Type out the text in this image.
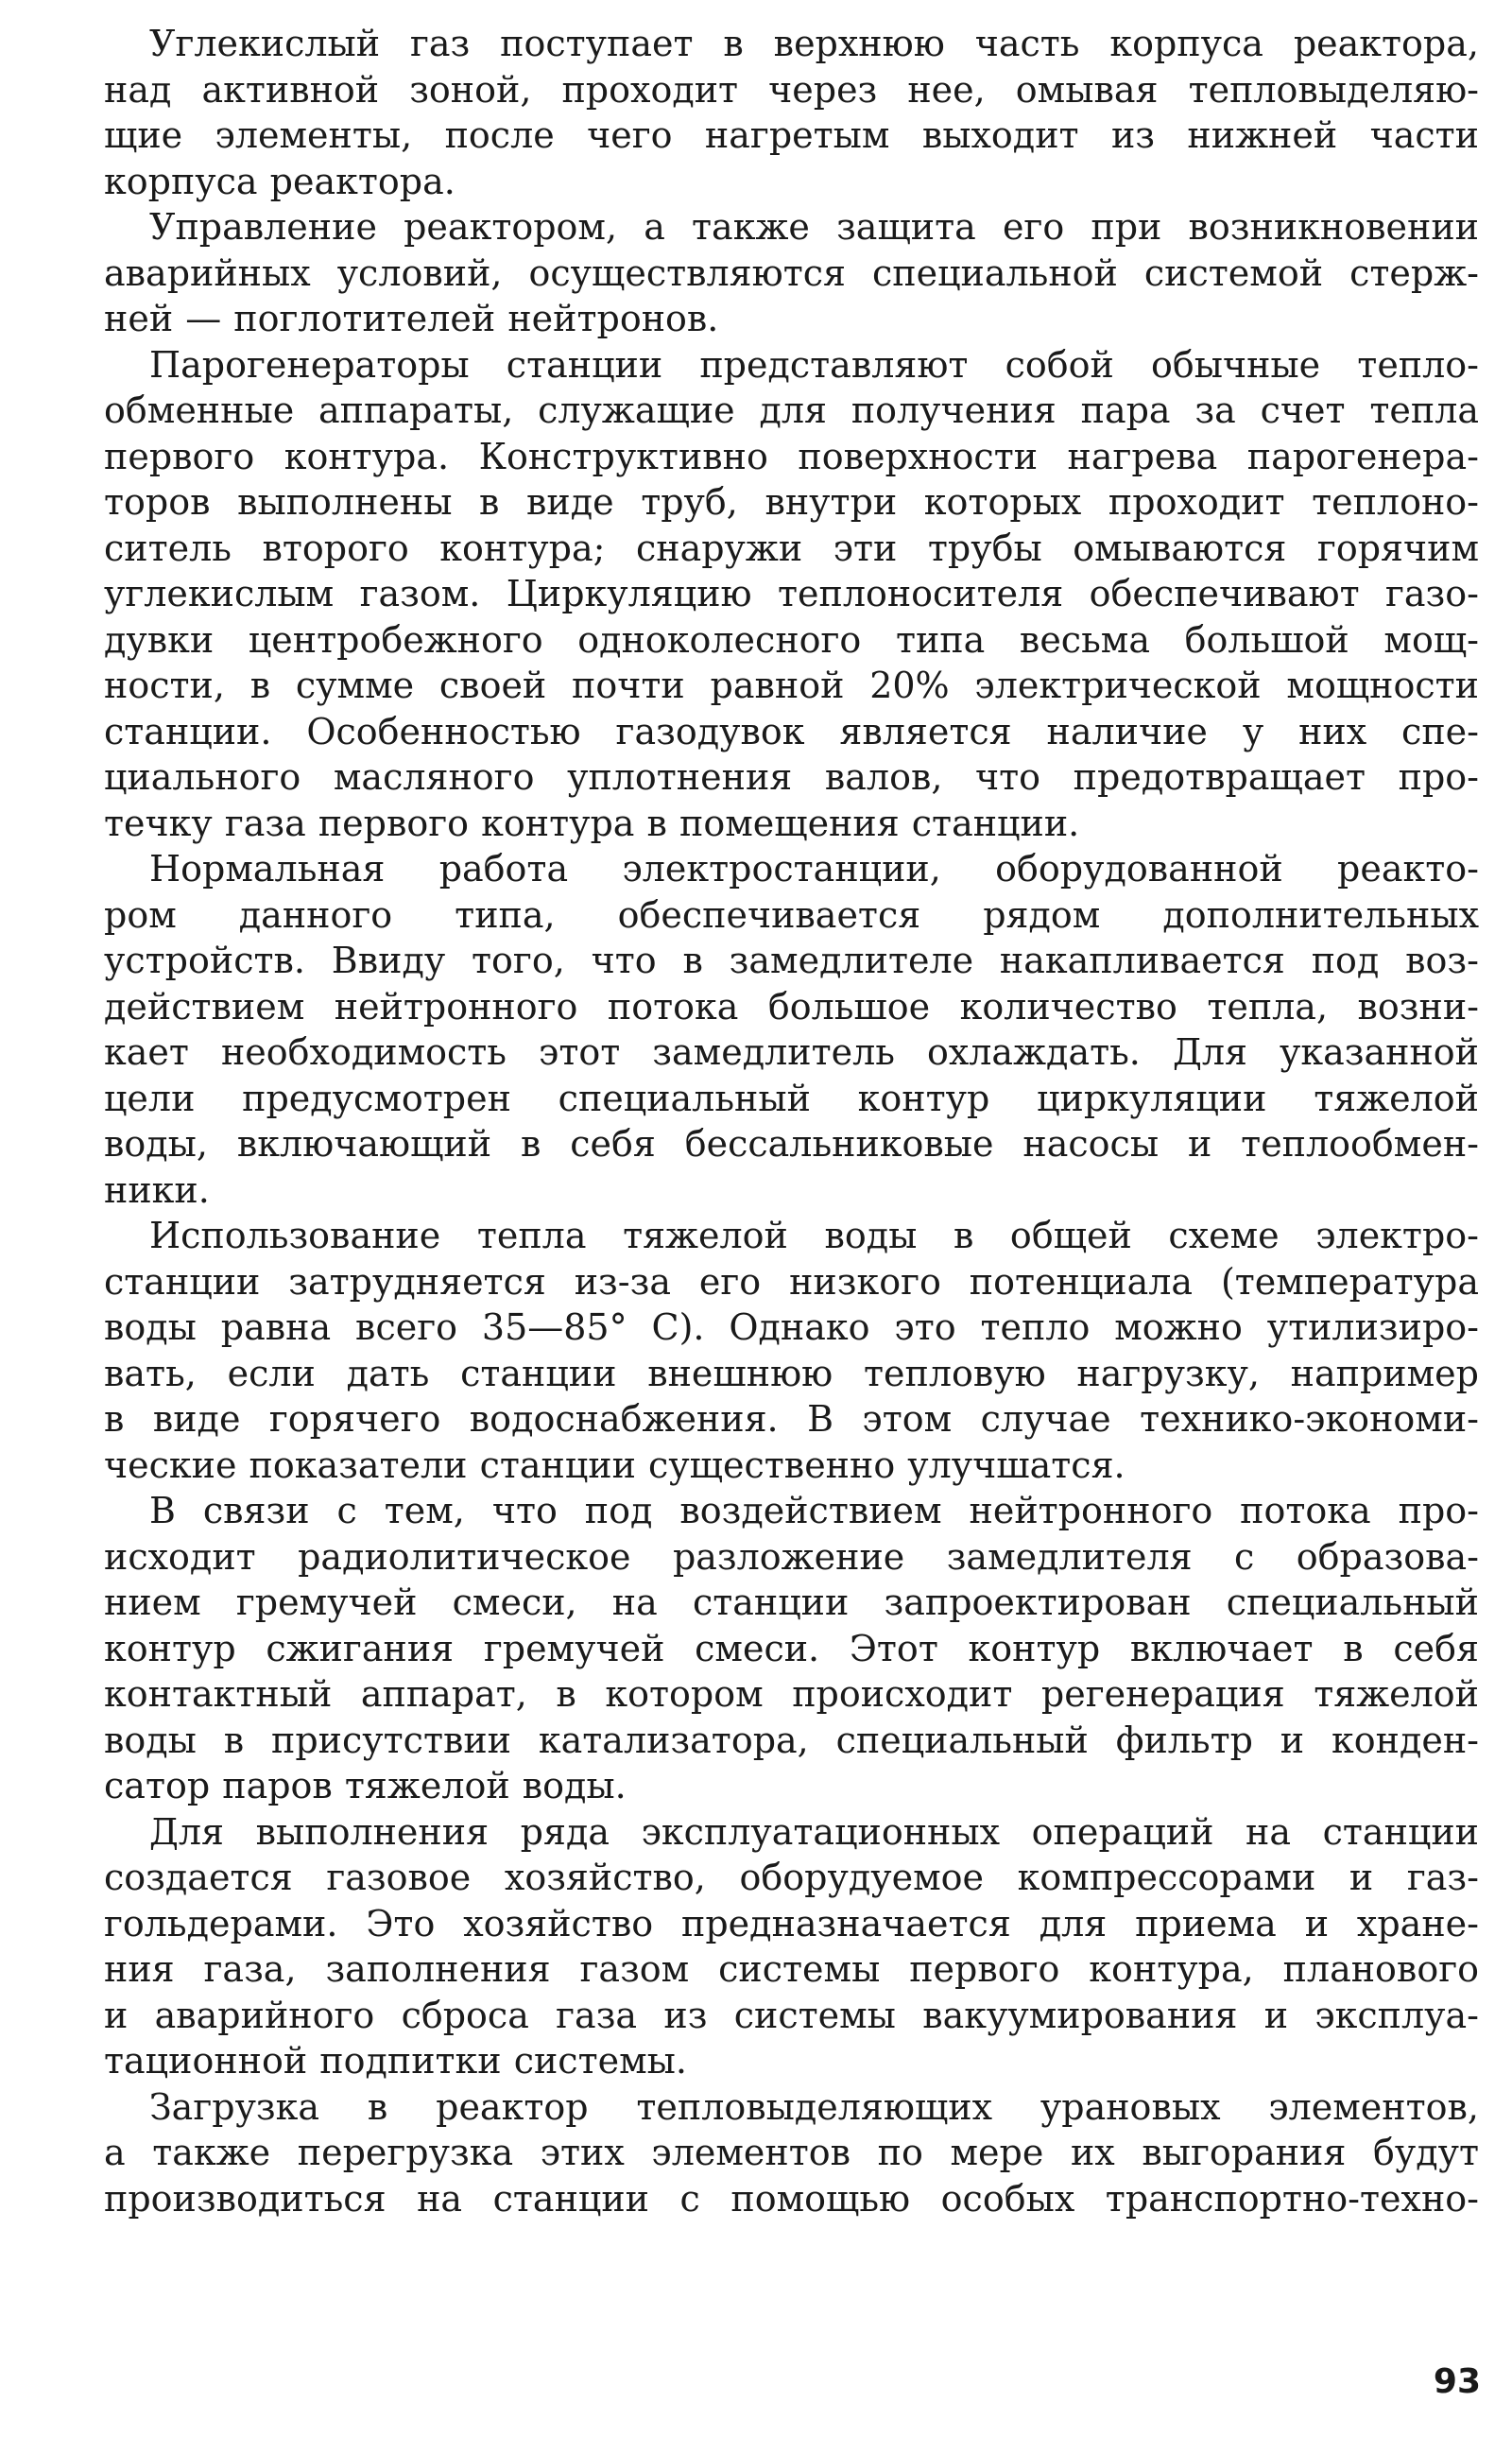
Углекислый газ поступает в верхнюю часть корпуса реактора,
над активной зоной, проходит через нее, омывая тепловыделяю-
щие элементы, после чего нагретым выходит из нижней части
корпуса реактора.

Управление реактором, а также защита его при возникновении
аварийных условий, осуществляются специальной системой стерж-
ней — поглотителей нейтронов.

Парогенераторы станции представляют собой обычные тепло-
обменные аппараты, служащие для получения пара за счет тепла
первого контура. Конструктивно поверхности нагрева парогенера-
торов выполнены в виде труб, внутри которых проходит теплоно-
ситель второго контура; снаружи эти трубы омываются горячим
углекислым газом. Циркуляцию теплоносителя обеспечивают газо-
дувки центробежного одноколесного типа весьма большой мощ-
ности, в сумме своей почти равной 20% электрической мощности
станции. Особенностью газодувок является наличие у них спе-
циального масляного уплотнения валов, что предотвращает про-
течку газа первого контура в помещения станции.

Нормальная работа электростанции, оборудованной реакто-
ром данного типа, обеспечивается рядом дополнительных
устройств. Ввиду того, что в замедлителе накапливается под воз-
действием нейтронного потока большое количество тепла, возни-
кает необходимость этот замедлитель охлаждать. Для указанной
цели предусмотрен специальный контур циркуляции тяжелой
воды, включающий в себя бессальниковые насосы и теплообмен-
ники.

Использование тепла тяжелой воды в общей схеме электро-
станции затрудняется из-за его низкого потенциала (температура
воды равна всего 35—85° С). Однако это тепло можно утилизиро-
вать, если дать станции внешнюю тепловую нагрузку, например
в виде горячего водоснабжения. В этом случае технико-экономи-
ческие показатели станции существенно улучшатся.

В связи с тем, что под воздействием нейтронного потока про-
исходит радиолитическое разложение замедлителя с образова-
нием гремучей смеси, на станции запроектирован специальный
контур сжигания гремучей смеси. Этот контур включает в себя
контактный аппарат, в котором происходит регенерация тяжелой
воды в присутствии катализатора, специальный фильтр и конден-
сатор паров тяжелой воды.

Для выполнения ряда эксплуатационных операций на станции
создается газовое хозяйство, оборудуемое компрессорами и газ-
гольдерами. Это хозяйство предназначается для приема и хране-
ния газа, заполнения газом системы первого контура, планового
и аварийного сброса газа из системы вакуумирования и эксплуа-
тационной подпитки системы.

Загрузка в реактор тепловыделяющих урановых элементов,
а также перегрузка этих элементов по мере их выгорания будут
производиться на станции с помощью особых транспортно-техно-

93
